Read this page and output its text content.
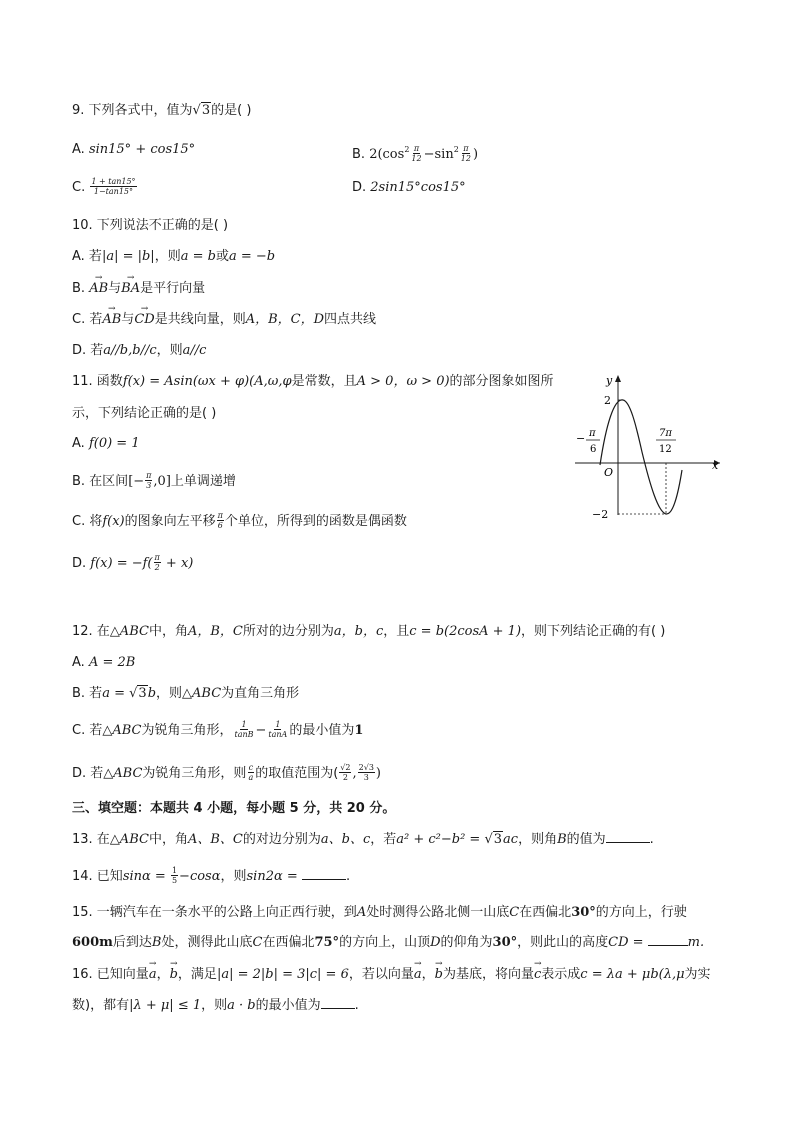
9. 下列各式中，值为√3的是( )
A. sin15° + cos15°	B. $2(\cos^2 \frac{\pi}{12} -\sin^2 \frac{\pi}{12}$ )
C. $\frac{1 + \tan 15^\circ}{1-\tan 15^\circ}$	D. 2sin15°cos15°
10. 下列说法不正确的是( )
A. 若|a| = |b|，则a = b或a = −b
B. → AB与→ BA是平行向量
C. 若→ AB与→ CD是共线向量，则A，B，C，D四点共线
D. 若a//b,b//c，则a//c
11. 函数f(x) = Asin(ωx + φ)(A,ω,φ是常数，且A > 0，ω > 0)的部分图象如图所
示，下列结论正确的是( )
A. f(0) = 1
B. 在区间[− $\frac{\pi}{3} ,0$]上单调递增
C. 将f(x)的图象向左平移 $\frac{\pi}{6}$ 个单位，所得到的函数是偶函数
D. $f(x) = -f( \frac{\pi}{2} + x)$
y
x
O
2
−2
− π
6
7π
12
12. 在△ABC中，角A，B，C所对的边分别为a，b，c，且c = b(2cosA + 1)，则下列结论正确的有( )
A. A = 2B
B. 若a = √3b，则△ABC为直角三角形
C. 若△ABC为锐角三角形， $\frac{1}{\tan B} - \frac{1}{\tan A}$ 的最小值为1
D. 若△ABC为锐角三角形，则 $\frac{c}{a}$ 的取值范围为( $\frac{√2}{2}$ , $\frac{2√3}{3}$ )
三、填空题：本题共 4 小题，每小题 5 分，共 20 分。
13. 在△ABC中，角A、B、C的对边分别为a、b、c，若a² + c²−b² = √3ac，则角B的值为	.
14. 已知$\sin\alpha = \frac{1}{5} -\cos\alpha$，则sin2α =	.
15. 一辆汽车在一条水平的公路上向正西行驶，到A处时测得公路北侧一山底C在西偏北30°的方向上，行驶
600m后到达B处，测得此山底C在西偏北75°的方向上，山顶D的仰角为30°，则此山的高度CD =	m.
16. 已知向量→ a，→ b，满足|a| = 2|b| = 3|c| = 6，若以向量→ a，→ b为基底，将向量→ c表示成c = λa + μb(λ,μ为实
数)，都有|λ + μ| ≤ 1，则a · b的最小值为	.
